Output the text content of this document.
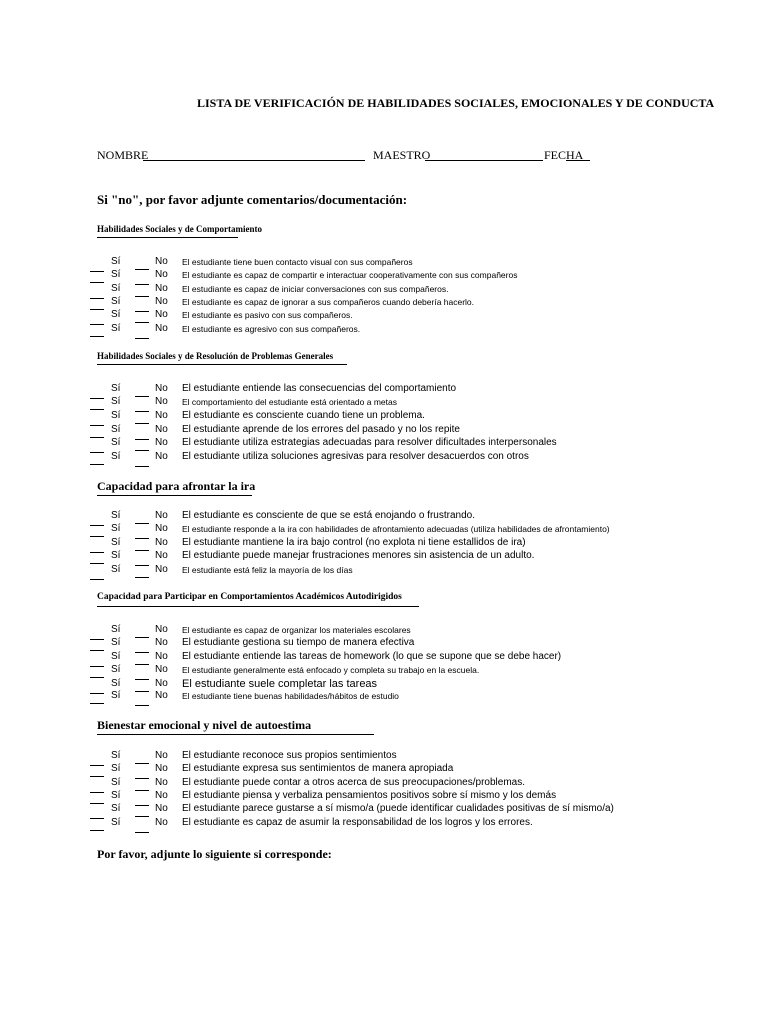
LISTA DE VERIFICACIÓN DE HABILIDADES SOCIALES, EMOCIONALES Y DE CONDUCTA
NOMBRE	MAESTRO	FECHA
Si "no", por favor adjunte comentarios/documentación:
Habilidades Sociales y de Comportamiento
Sí	No El estudiante tiene buen contacto visual con sus compañeros
Sí	No El estudiante es capaz de compartir e interactuar cooperativamente con sus compañeros
Sí	No El estudiante es capaz de iniciar conversaciones con sus compañeros.
Sí	No El estudiante es capaz de ignorar a sus compañeros cuando debería hacerlo.
Sí	No El estudiante es pasivo con sus compañeros.
Sí	No El estudiante es agresivo con sus compañeros.
Habilidades Sociales y de Resolución de Problemas Generales
Sí	No El estudiante entiende las consecuencias del comportamiento
Sí	No El comportamiento del estudiante está orientado a metas
Sí	No El estudiante es consciente cuando tiene un problema.
Sí	No El estudiante aprende de los errores del pasado y no los repite
Sí	No El estudiante utiliza estrategias adecuadas para resolver dificultades interpersonales
Sí	No El estudiante utiliza soluciones agresivas para resolver desacuerdos con otros
Capacidad para afrontar la ira
Sí	No El estudiante es consciente de que se está enojando o frustrando.
Sí	No El estudiante responde a la ira con habilidades de afrontamiento adecuadas (utiliza habilidades de afrontamiento)
Sí	No El estudiante mantiene la ira bajo control (no explota ni tiene estallidos de ira)
Sí	No El estudiante puede manejar frustraciones menores sin asistencia de un adulto.
Sí	No El estudiante está feliz la mayoría de los días
Capacidad para Participar en Comportamientos Académicos Autodirigidos
Sí	No El estudiante es capaz de organizar los materiales escolares
Sí	No El estudiante gestiona su tiempo de manera efectiva
Sí	No El estudiante entiende las tareas de homework (lo que se supone que se debe hacer)
Sí	No El estudiante generalmente está enfocado y completa su trabajo en la escuela.
Sí	No El estudiante suele completar las tareas
Sí	No El estudiante tiene buenas habilidades/hábitos de estudio
Bienestar emocional y nivel de autoestima
Sí	No El estudiante reconoce sus propios sentimientos
Sí	No El estudiante expresa sus sentimientos de manera apropiada
Sí	No El estudiante puede contar a otros acerca de sus preocupaciones/problemas.
Sí	No El estudiante piensa y verbaliza pensamientos positivos sobre sí mismo y los demás
Sí	No El estudiante parece gustarse a sí mismo/a (puede identificar cualidades positivas de sí mismo/a)
Sí	No El estudiante es capaz de asumir la responsabilidad de los logros y los errores.
Por favor, adjunte lo siguiente si corresponde:
